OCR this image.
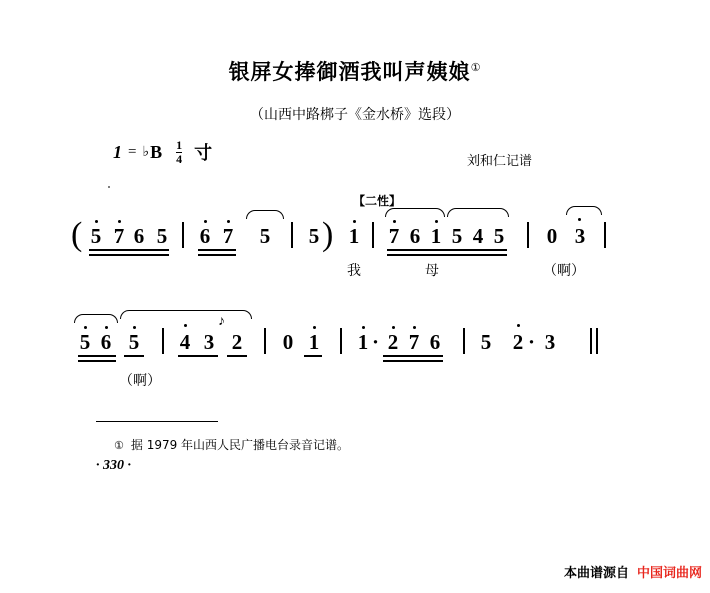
银屏女捧御酒我叫声姨娘①
（山西中路梆子《金水桥》选段）
1 = ♭ B $\frac{1}{4}$ 寸	刘和仁记谱
【二性】
( 5 7 6 5 6 7 5 5 ) 1 7 6 1 5 4 5 0 3
我	母	（啊）
5 6 5 4 3 2
♪
0 1 1 · 2 7 6 5 2 · 3
（啊）
① 据 1979 年山西人民广播电台录音记谱。
· 330 ·
本曲谱源自 中国词曲网
